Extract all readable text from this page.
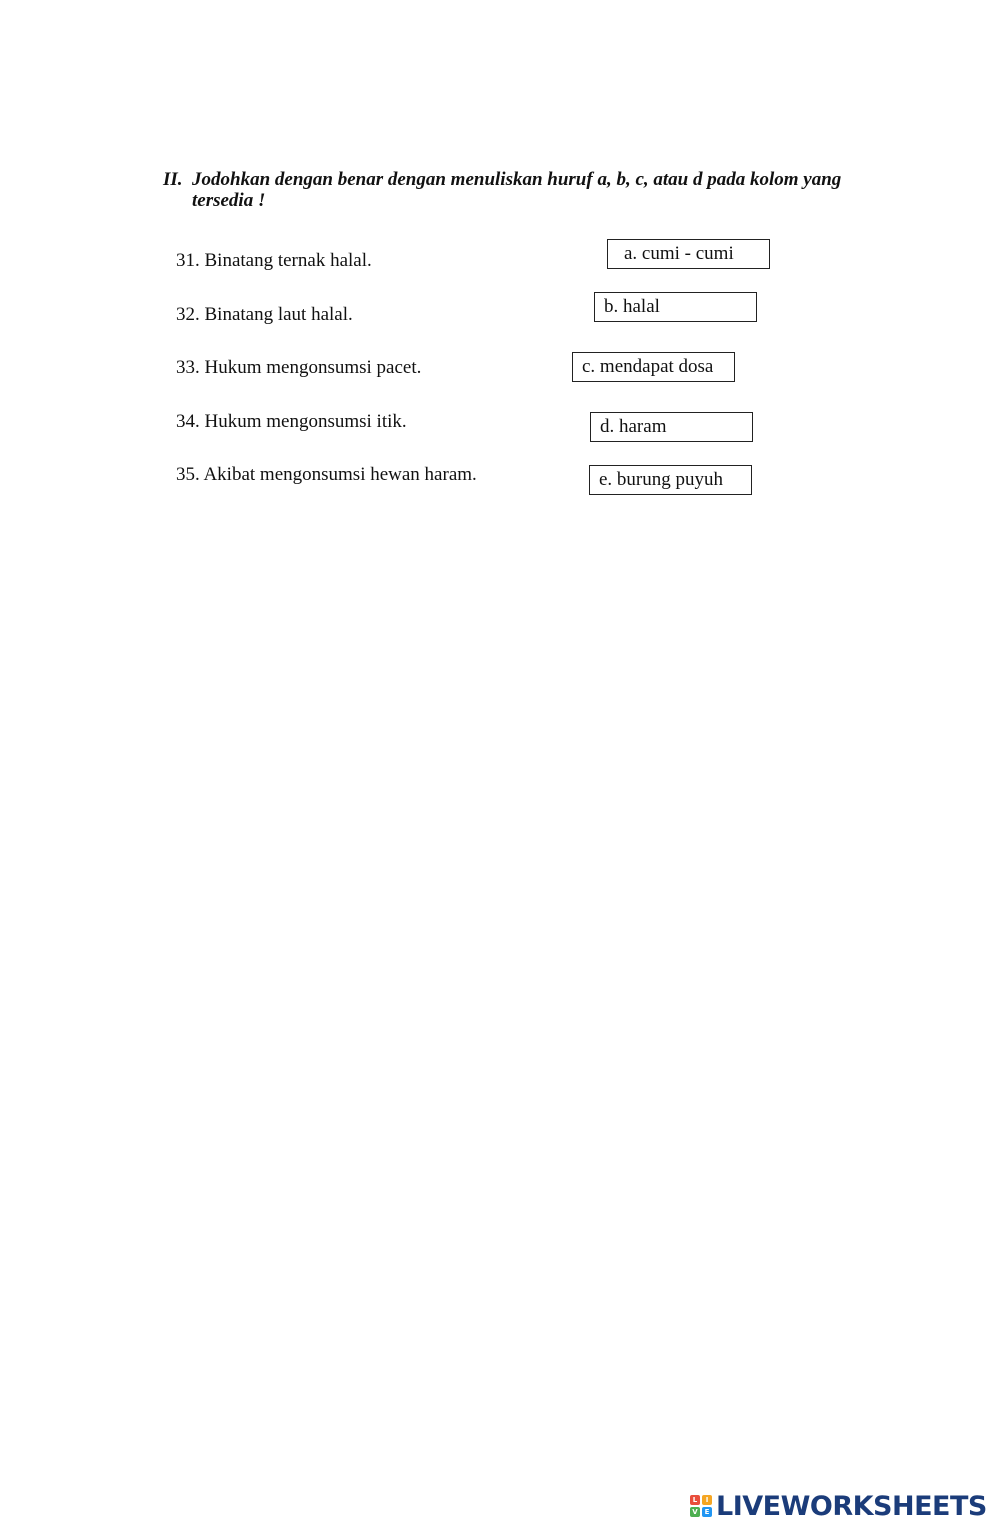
II. Jodohkan dengan benar dengan menuliskan huruf a, b, c, atau d pada kolom yang tersedia !
31. Binatang ternak halal.
32. Binatang laut halal.
33. Hukum mengonsumsi pacet.
34. Hukum mengonsumsi itik.
35. Akibat mengonsumsi hewan haram.
a. cumi - cumi
b. halal
c. mendapat dosa
d. haram
e. burung puyuh
L	I
V E LIVEWORKSHEETS
